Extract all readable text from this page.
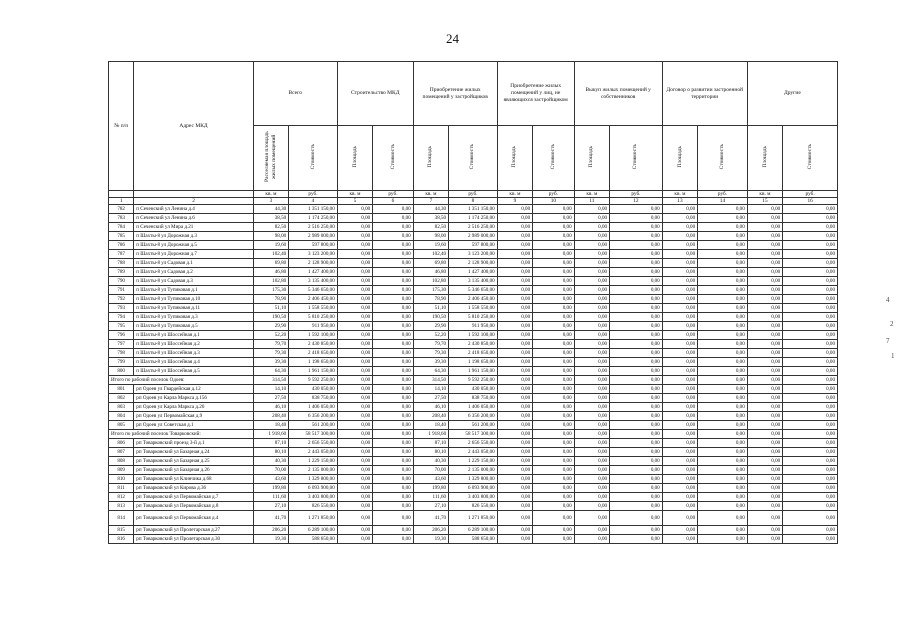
24
№ п/п	Адрес МКД	Всего		Строительство МКД		Приобретение жилых помещений у застройщиков		Приобретение жилых помещений у лиц, не являющихся застройщиком		Выкуп жилых помещений у собственников		Договор о развитии застроенной территории		Другие	
		Расселяемая площадь жилых помещений	Стоимость	Площадь	Стоимость	Площадь	Стоимость	Площадь	Стоимость	Площадь	Стоимость	Площадь	Стоимость	Площадь	Стоимость
		кв. м	руб.	кв. м	руб.	кв. м	руб.	кв. м	руб.	кв. м	руб.	кв. м	руб.	кв. м	руб.
1	2	3	4	5	6	7	8	9	10	11	12	13	14	15	16
782	п Сеченский ул Ленина д.4	44,30	1 351 150,00	0,00	0,00	44,30	1 351 150,00	0,00	0,00	0,00	0,00	0,00	0,00	0,00	0,00
783	п Сеченский ул Ленина д.6	38,50	1 174 250,00	0,00	0,00	38,50	1 174 250,00	0,00	0,00	0,00	0,00	0,00	0,00	0,00	0,00
784	п Сеченский ул Мира д.21	82,50	2 516 250,00	0,00	0,00	82,50	2 516 250,00	0,00	0,00	0,00	0,00	0,00	0,00	0,00	0,00
785	п Шахты-8 ул Дорожная д.3	98,00	2 989 000,00	0,00	0,00	98,00	2 989 000,00	0,00	0,00	0,00	0,00	0,00	0,00	0,00	0,00
786	п Шахты-8 ул Дорожная д.5	19,60	597 800,00	0,00	0,00	19,60	597 800,00	0,00	0,00	0,00	0,00	0,00	0,00	0,00	0,00
787	п Шахты-8 ул Дорожная д.7	102,40	3 123 200,00	0,00	0,00	102,40	3 123 200,00	0,00	0,00	0,00	0,00	0,00	0,00	0,00	0,00
788	п Шахты-8 ул Садовая д.1	69,80	2 128 900,00	0,00	0,00	69,80	2 128 900,00	0,00	0,00	0,00	0,00	0,00	0,00	0,00	0,00
789	п Шахты-8 ул Садовая д.2	46,80	1 427 400,00	0,00	0,00	46,80	1 427 400,00	0,00	0,00	0,00	0,00	0,00	0,00	0,00	0,00
790	п Шахты-8 ул Садовая д.3	102,80	3 135 400,00	0,00	0,00	102,80	3 135 400,00	0,00	0,00	0,00	0,00	0,00	0,00	0,00	0,00
791	п Шахты-8 ул Тупиковая д.1	175,30	5 346 650,00	0,00	0,00	175,30	5 346 650,00	0,00	0,00	0,00	0,00	0,00	0,00	0,00	0,00
792	п Шахты-8 ул Тупиковая д.10	78,90	2 406 450,00	0,00	0,00	78,90	2 406 450,00	0,00	0,00	0,00	0,00	0,00	0,00	0,00	0,00
793	п Шахты-8 ул Тупиковая д.11	51,10	1 558 550,00	0,00	0,00	51,10	1 558 550,00	0,00	0,00	0,00	0,00	0,00	0,00	0,00	0,00
794	п Шахты-8 ул Тупиковая д.3	190,50	5 810 250,00	0,00	0,00	190,50	5 810 250,00	0,00	0,00	0,00	0,00	0,00	0,00	0,00	0,00
795	п Шахты-8 ул Тупиковая д.5	29,90	911 950,00	0,00	0,00	29,90	911 950,00	0,00	0,00	0,00	0,00	0,00	0,00	0,00	0,00
796	п Шахты-8 ул Шоссейная д.1	52,20	1 592 100,00	0,00	0,00	52,20	1 592 100,00	0,00	0,00	0,00	0,00	0,00	0,00	0,00	0,00
797	п Шахты-8 ул Шоссейная д.2	79,70	2 430 850,00	0,00	0,00	79,70	2 430 850,00	0,00	0,00	0,00	0,00	0,00	0,00	0,00	0,00
798	п Шахты-8 ул Шоссейная д.3	79,30	2 418 650,00	0,00	0,00	79,30	2 418 650,00	0,00	0,00	0,00	0,00	0,00	0,00	0,00	0,00
799	п Шахты-8 ул Шоссейная д.4	39,30	1 198 650,00	0,00	0,00	39,30	1 198 650,00	0,00	0,00	0,00	0,00	0,00	0,00	0,00	0,00
800	п Шахты-8 ул Шоссейная д.5	64,30	1 961 150,00	0,00	0,00	64,30	1 961 150,00	0,00	0,00	0,00	0,00	0,00	0,00	0,00	0,00
Итого по рабочий поселок Одоев:		314,50	9 592 250,00	0,00	0,00	314,50	9 592 250,00	0,00	0,00	0,00	0,00	0,00	0,00	0,00	0,00
801	рп Одоев ул Гвардейская д.12	14,10	430 050,00	0,00	0,00	14,10	430 050,00	0,00	0,00	0,00	0,00	0,00	0,00	0,00	0,00
802	рп Одоев ул Карла Маркса д.156	27,50	838 750,00	0,00	0,00	27,50	838 750,00	0,00	0,00	0,00	0,00	0,00	0,00	0,00	0,00
803	рп Одоев ул Карла Маркса д.20	46,10	1 406 050,00	0,00	0,00	46,10	1 406 050,00	0,00	0,00	0,00	0,00	0,00	0,00	0,00	0,00
804	рп Одоев ул Первомайская д.9	208,40	6 356 200,00	0,00	0,00	208,40	6 356 200,00	0,00	0,00	0,00	0,00	0,00	0,00	0,00	0,00
805	рп Одоев ул Советская д.1	18,40	561 200,00	0,00	0,00	18,40	561 200,00	0,00	0,00	0,00	0,00	0,00	0,00	0,00	0,00
Итого по рабочий поселок Товарковский:		1 918,60	58 517 300,00	0,00	0,00	1 918,60	58 517 300,00	0,00	0,00	0,00	0,00	0,00	0,00	0,00	0,00
806	рп Товарковский проезд 3-й д.1	87,10	2 656 550,00	0,00	0,00	87,10	2 656 550,00	0,00	0,00	0,00	0,00	0,00	0,00	0,00	0,00
807	рп Товарковский ул Базарная д.24	80,10	2 443 050,00	0,00	0,00	80,10	2 443 050,00	0,00	0,00	0,00	0,00	0,00	0,00	0,00	0,00
808	рп Товарковский ул Базарная д.25	40,30	1 229 150,00	0,00	0,00	40,30	1 229 150,00	0,00	0,00	0,00	0,00	0,00	0,00	0,00	0,00
809	рп Товарковский ул Базарная д.26	70,00	2 135 000,00	0,00	0,00	70,00	2 135 000,00	0,00	0,00	0,00	0,00	0,00	0,00	0,00	0,00
810	рп Товарковский ул Клинчика д.68	43,60	1 329 800,00	0,00	0,00	43,60	1 329 800,00	0,00	0,00	0,00	0,00	0,00	0,00	0,00	0,00
811	рп Товарковский ул Кирова д.36	199,80	6 093 900,00	0,00	0,00	199,80	6 093 900,00	0,00	0,00	0,00	0,00	0,00	0,00	0,00	0,00
812	рп Товарковский ул Первомайская д.7	111,60	3 403 800,00	0,00	0,00	111,60	3 403 800,00	0,00	0,00	0,00	0,00	0,00	0,00	0,00	0,00
813	рп Товарковский ул Первомайская д.8	27,10	826 550,00	0,00	0,00	27,10	826 550,00	0,00	0,00	0,00	0,00	0,00	0,00	0,00	0,00
814	рп Товарковский ул Первомайская д.4	41,70	1 271 850,00	0,00	0,00	41,70	1 271 850,00	0,00	0,00	0,00	0,00	0,00	0,00	0,00	0,00
815	рп Товарковский ул Пролетарская д.27	206,20	6 289 100,00	0,00	0,00	206,20	6 289 100,00	0,00	0,00	0,00	0,00	0,00	0,00	0,00	0,00
816	рп Товарковский ул Пролетарская д.30	19,30	588 650,00	0,00	0,00	19,30	588 650,00	0,00	0,00	0,00	0,00	0,00	0,00	0,00	0,00
4
2
7
1
